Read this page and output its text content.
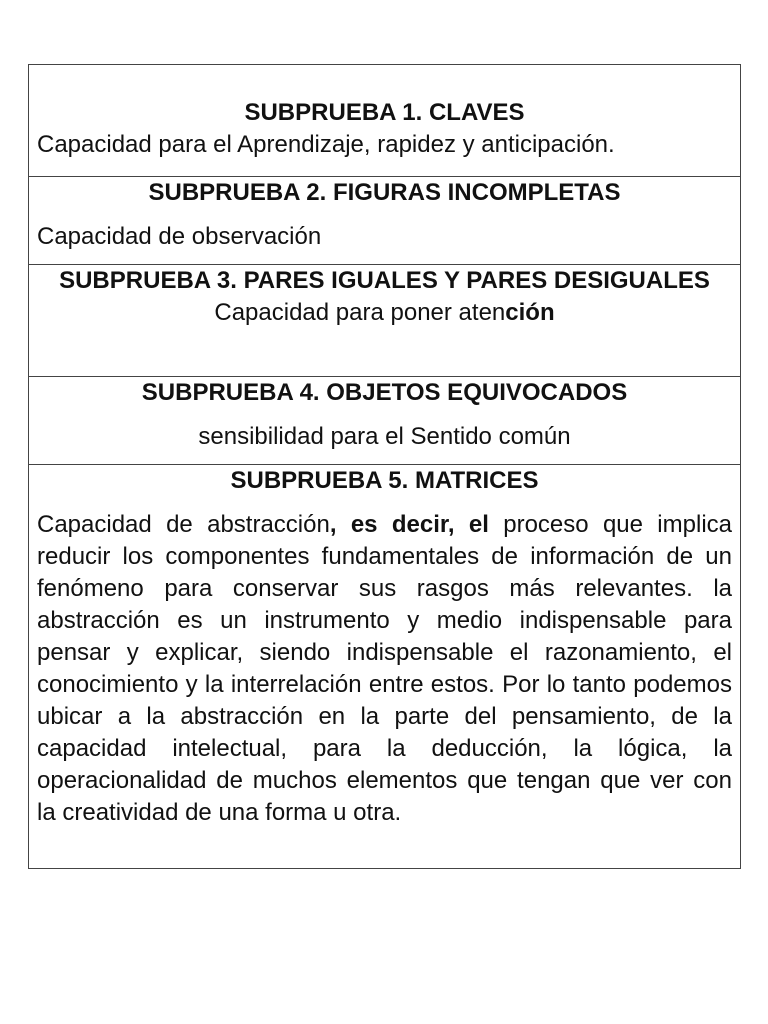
SUBPRUEBA 1. CLAVES
Capacidad para el Aprendizaje, rapidez y anticipación.
SUBPRUEBA 2. FIGURAS INCOMPLETAS
Capacidad de observación
SUBPRUEBA 3. PARES IGUALES Y PARES DESIGUALES
Capacidad para poner atención
SUBPRUEBA 4. OBJETOS EQUIVOCADOS
sensibilidad para el Sentido común
SUBPRUEBA 5. MATRICES
Capacidad de abstracción, es decir, el proceso que implica reducir los componentes fundamentales de información de un fenómeno para conservar sus rasgos más relevantes. la abstracción es un instrumento y medio indispensable para pensar y explicar, siendo indispensable el razonamiento, el conocimiento y la interrelación entre estos. Por lo tanto podemos ubicar a la abstracción en la parte del pensamiento, de la capacidad intelectual, para la deducción, la lógica, la operacionalidad de muchos elementos que tengan que ver con la creatividad de una forma u otra.
